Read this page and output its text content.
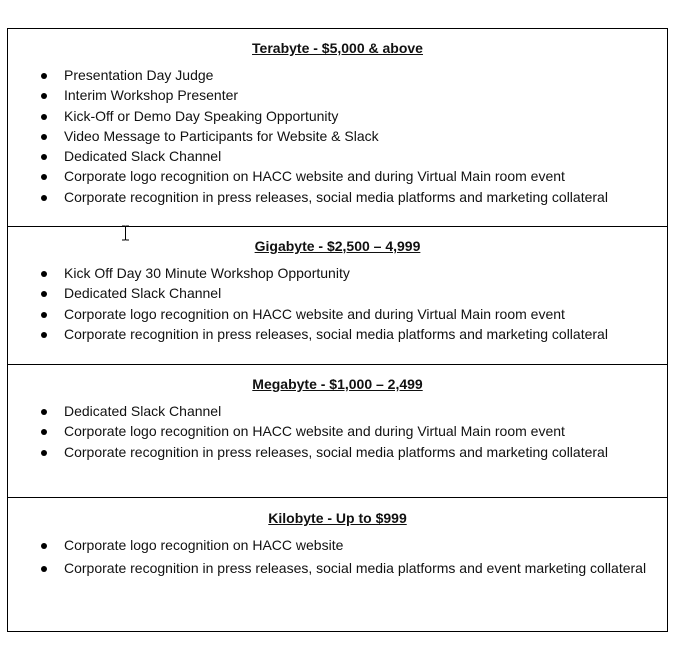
Terabyte - $5,000 & above
Presentation Day Judge
Interim Workshop Presenter
Kick-Off or Demo Day Speaking Opportunity
Video Message to Participants for Website & Slack
Dedicated Slack Channel
Corporate logo recognition on HACC website and during Virtual Main room event
Corporate recognition in press releases, social media platforms and marketing collateral
Gigabyte - $2,500 – 4,999
Kick Off Day 30 Minute Workshop Opportunity
Dedicated Slack Channel
Corporate logo recognition on HACC website and during Virtual Main room event
Corporate recognition in press releases, social media platforms and marketing collateral
Megabyte - $1,000 – 2,499
Dedicated Slack Channel
Corporate logo recognition on HACC website and during Virtual Main room event
Corporate recognition in press releases, social media platforms and marketing collateral
Kilobyte - Up to $999
Corporate logo recognition on HACC website
Corporate recognition in press releases, social media platforms and event marketing collateral
